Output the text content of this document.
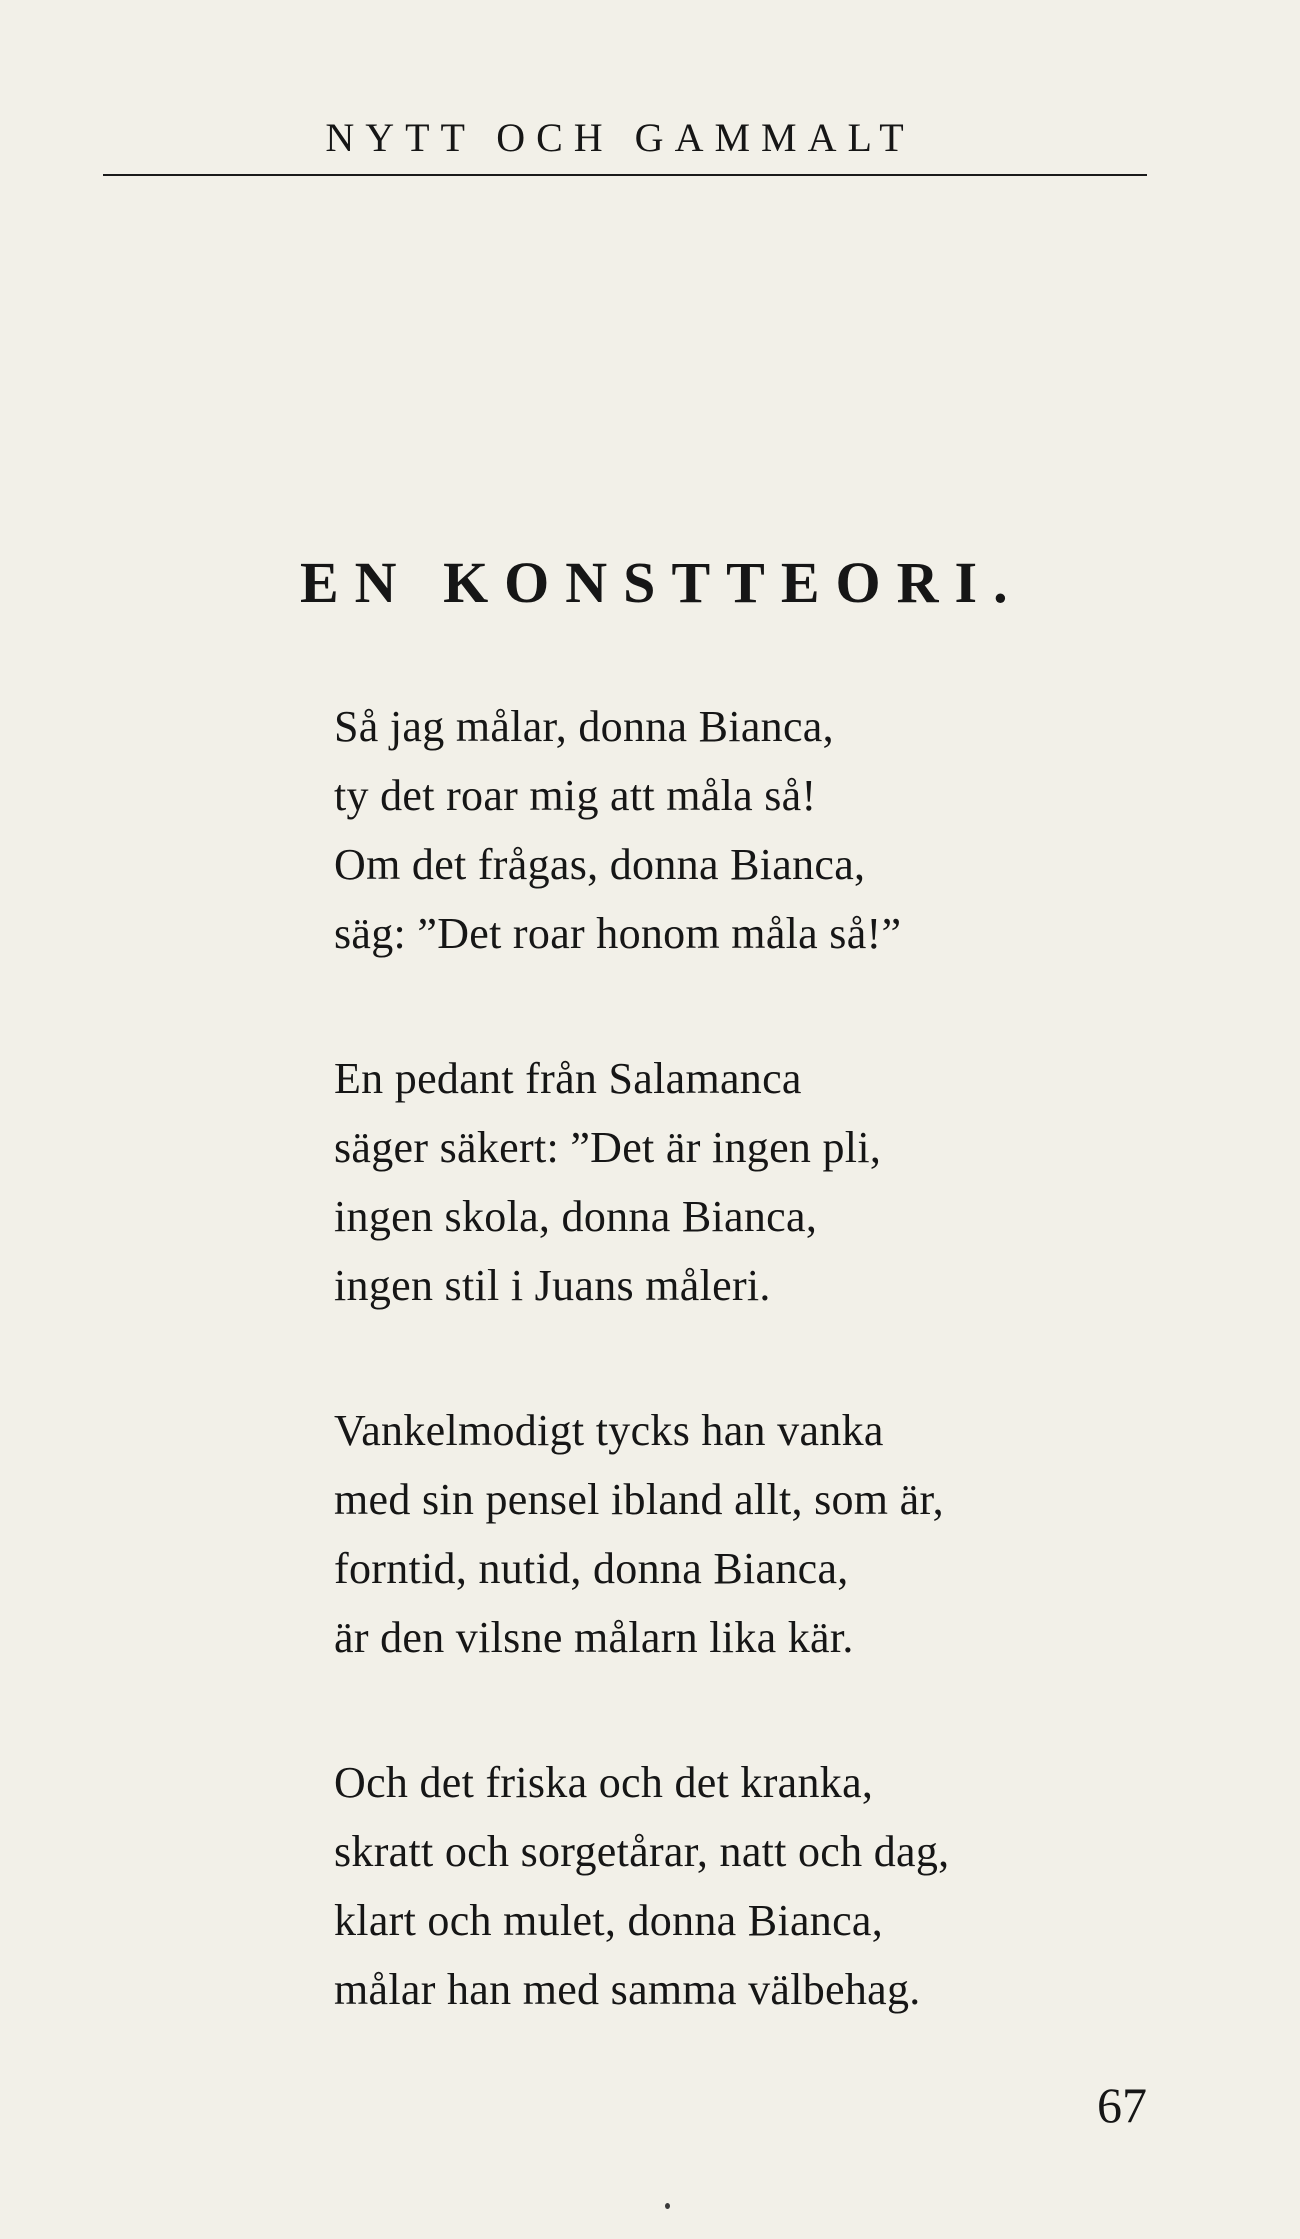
NYTT OCH GAMMALT
EN KONSTTEORI.
Så jag målar, donna Bianca,
ty det roar mig att måla så!
Om det frågas, donna Bianca,
säg: ”Det roar honom måla så!”
En pedant från Salamanca
säger säkert: ”Det är ingen pli,
ingen skola, donna Bianca,
ingen stil i Juans måleri.
Vankelmodigt tycks han vanka
med sin pensel ibland allt, som är,
forntid, nutid, donna Bianca,
är den vilsne målarn lika kär.
Och det friska och det kranka,
skratt och sorgetårar, natt och dag,
klart och mulet, donna Bianca,
målar han med samma välbehag.
67
